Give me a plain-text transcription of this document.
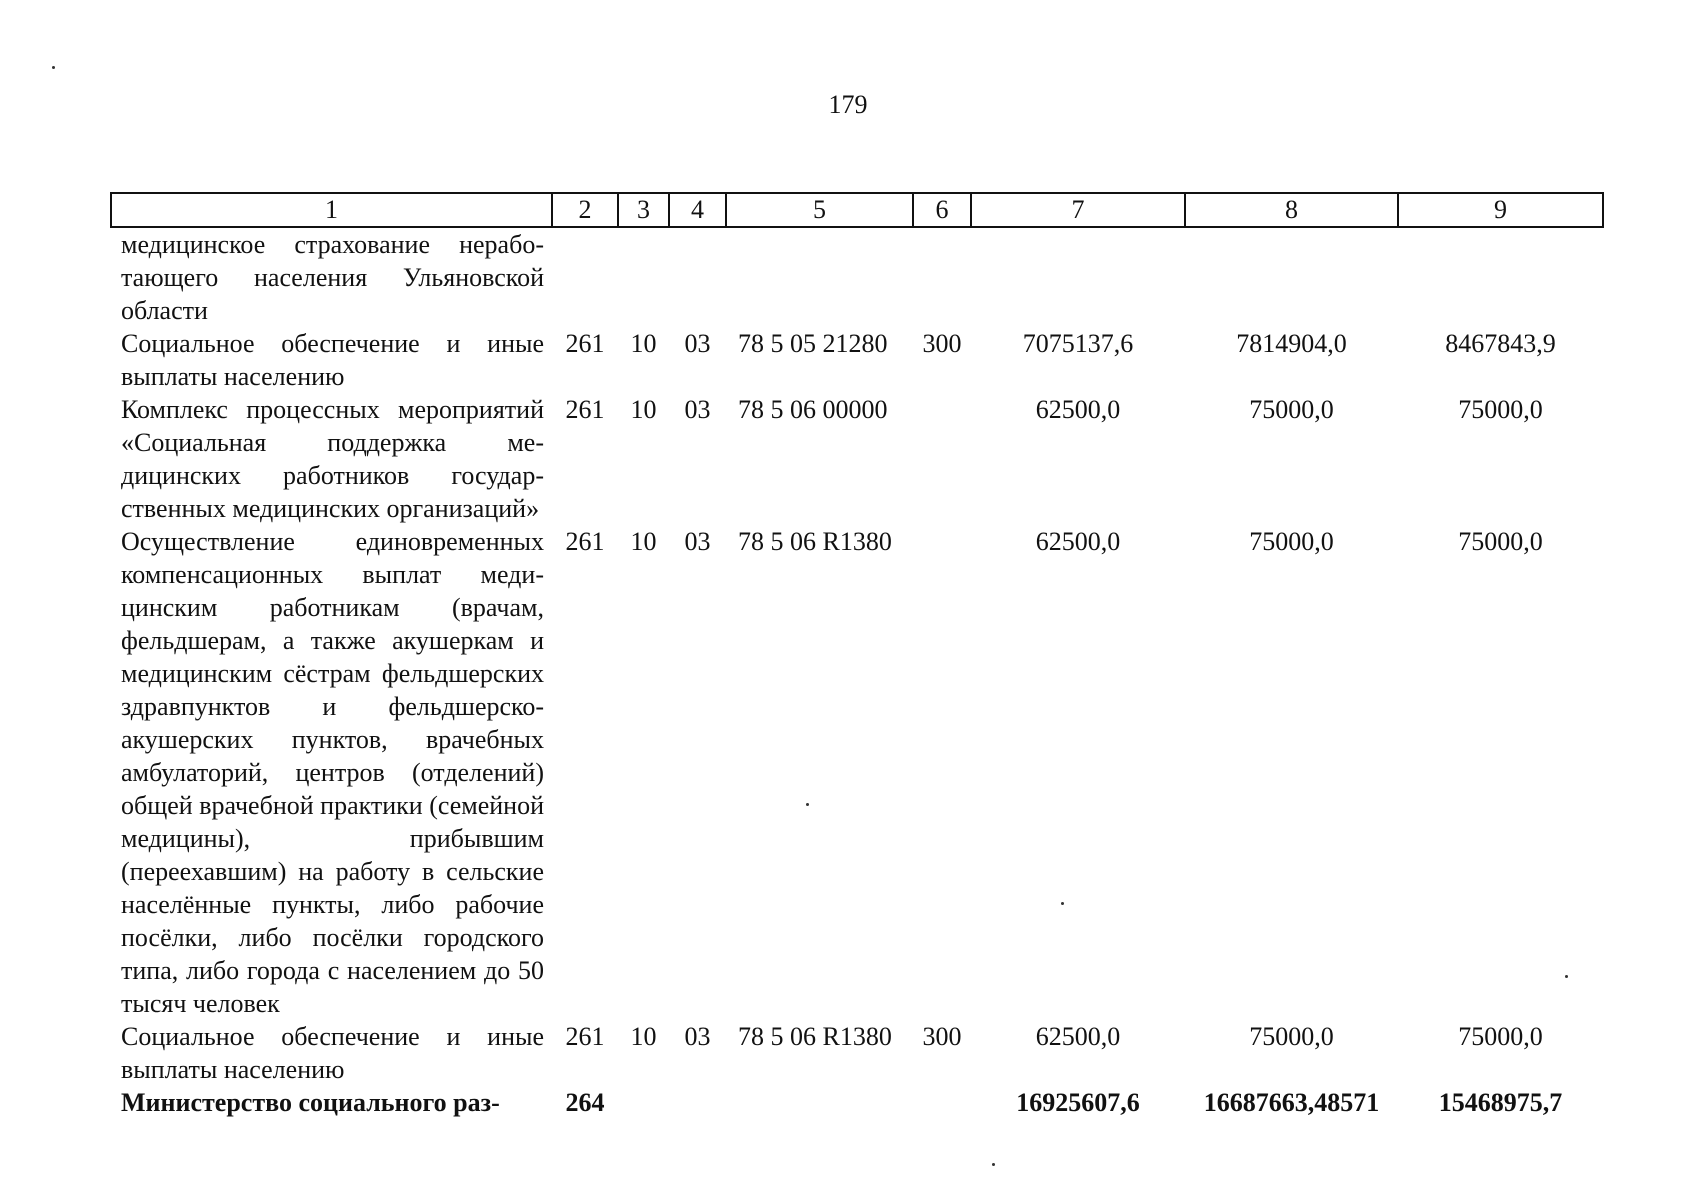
179
1	2	3	4	5	6	7	8	9
медицинское страхование неработающего населения Ульяновской области								
Социальное обеспечение и иные выплаты населению	261	10	03	78 5 05 21280	300	7075137,6	7814904,0	8467843,9
Комплекс процессных мероприятий «Социальная поддержка медицинских работников государственных медицинских организаций»	261	10	03	78 5 06 00000		62500,0	75000,0	75000,0
Осуществление единовременных компенсационных выплат медицинским работникам (врачам, фельдшерам, а также акушеркам и медицинским сёстрам фельдшерских здравпунктов и фельдшерско-акушерских пунктов, врачебных амбулаторий, центров (отделений) общей врачебной практики (семейной медицины), прибывшим (переехавшим) на работу в сельские населённые пункты, либо рабочие посёлки, либо посёлки городского типа, либо города с населением до 50 тысяч человек	261	10	03	78 5 06 R1380		62500,0	75000,0	75000,0
Социальное обеспечение и иные выплаты населению	261	10	03	78 5 06 R1380	300	62500,0	75000,0	75000,0
Министерство социального раз-	264					16925607,6	16687663,48571	15468975,7
